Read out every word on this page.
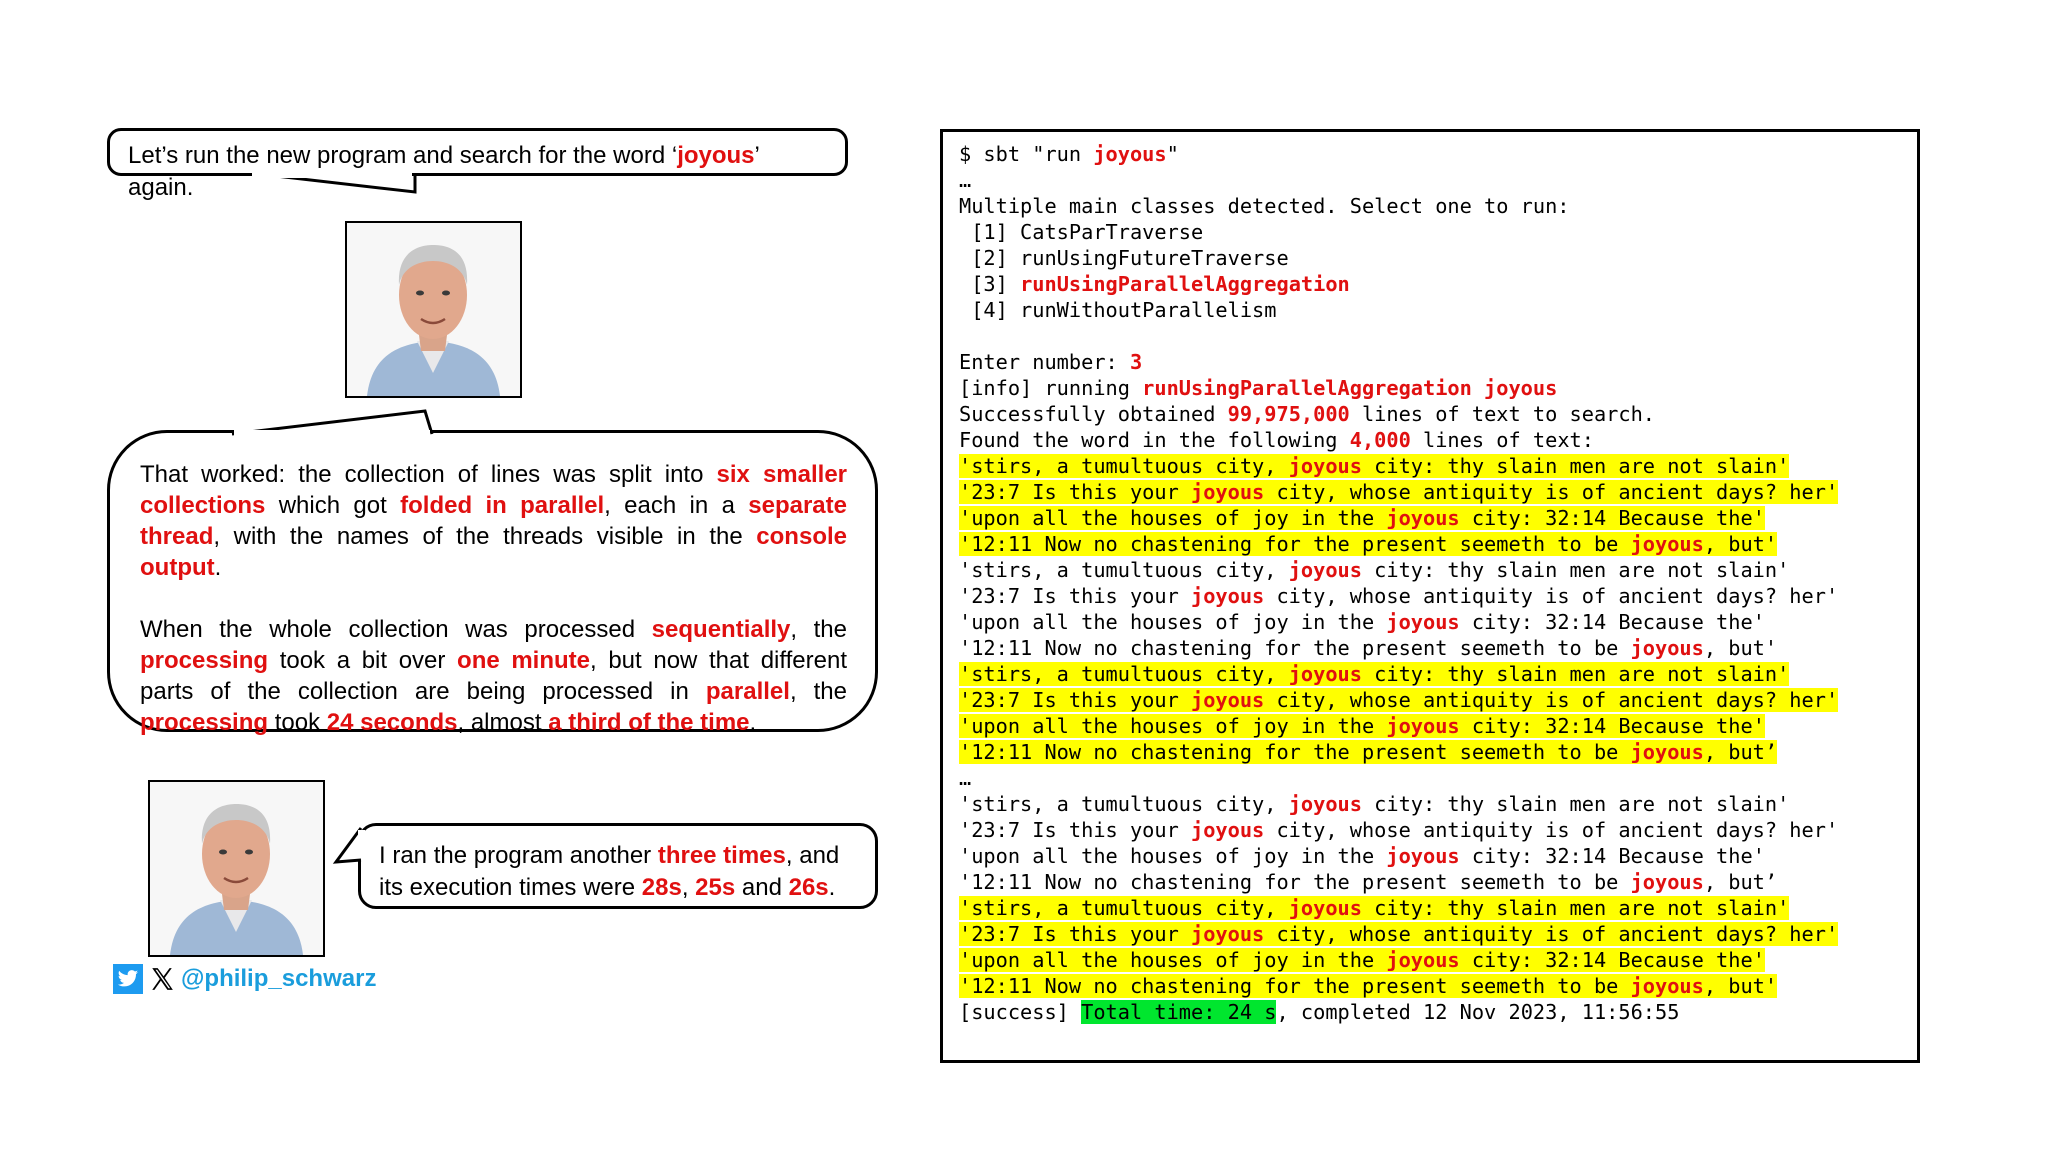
Let’s run the new program and search for the word ‘joyous’ again.

That worked: the collection of lines was split into six smaller collections which got folded in parallel, each in a separate thread, with the names of the threads visible in the console output.

When the whole collection was processed sequentially, the processing took a bit over one minute, but now that different parts of the collection are being processed in parallel, the processing took 24 seconds, almost a third of the time.

I ran the program another three times, and its execution times were 28s, 25s and 26s.
@philip_schwarz
$ sbt "run joyous"
…
Multiple main classes detected. Select one to run:
[1] CatsParTraverse
[2] runUsingFutureTraverse
[3] runUsingParallelAggregation
[4] runWithoutParallelism

Enter number: 3
[info] running runUsingParallelAggregation joyous
Successfully obtained 99,975,000 lines of text to search.
Found the word in the following 4,000 lines of text:
'stirs, a tumultuous city, joyous city: thy slain men are not slain'
'23:7 Is this your joyous city, whose antiquity is of ancient days? her'
'upon all the houses of joy in the joyous city: 32:14 Because the'
'12:11 Now no chastening for the present seemeth to be joyous, but'
'stirs, a tumultuous city, joyous city: thy slain men are not slain'
'23:7 Is this your joyous city, whose antiquity is of ancient days? her'
'upon all the houses of joy in the joyous city: 32:14 Because the'
'12:11 Now no chastening for the present seemeth to be joyous, but'
'stirs, a tumultuous city, joyous city: thy slain men are not slain'
'23:7 Is this your joyous city, whose antiquity is of ancient days? her'
'upon all the houses of joy in the joyous city: 32:14 Because the'
'12:11 Now no chastening for the present seemeth to be joyous, but’
…
'stirs, a tumultuous city, joyous city: thy slain men are not slain'
'23:7 Is this your joyous city, whose antiquity is of ancient days? her'
'upon all the houses of joy in the joyous city: 32:14 Because the'
'12:11 Now no chastening for the present seemeth to be joyous, but’
'stirs, a tumultuous city, joyous city: thy slain men are not slain'
'23:7 Is this your joyous city, whose antiquity is of ancient days? her'
'upon all the houses of joy in the joyous city: 32:14 Because the'
'12:11 Now no chastening for the present seemeth to be joyous, but'
[success] Total time: 24 s, completed 12 Nov 2023, 11:56:55
